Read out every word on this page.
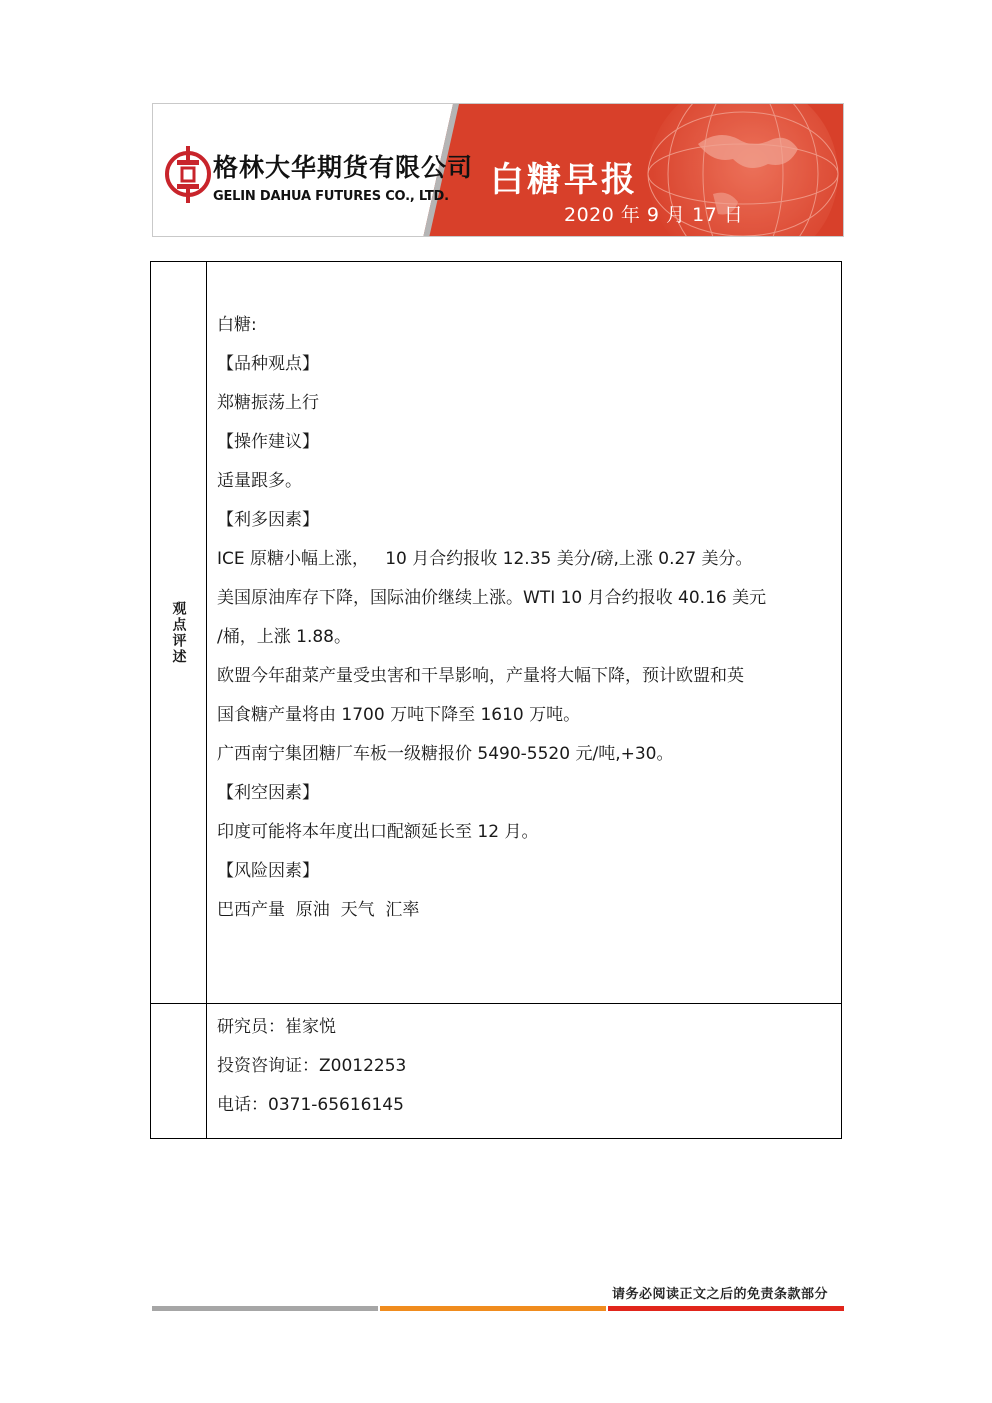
格林大华期货有限公司
GELIN DAHUA FUTURES CO., LTD. 白糖早报
2020 年 9 月 17 日
观点评述
白糖:
【品种观点】
郑糖振荡上行
【操作建议】
适量跟多。
【利多因素】
ICE 原糖小幅上涨，   10 月合约报收 12.35 美分/磅,上涨 0.27 美分。
美国原油库存下降，国际油价继续上涨。WTI 10 月合约报收 40.16 美元
/桶，上涨 1.88。
欧盟今年甜菜产量受虫害和干旱影响，产量将大幅下降，预计欧盟和英
国食糖产量将由 1700 万吨下降至 1610 万吨。
广西南宁集团糖厂车板一级糖报价 5490-5520 元/吨,+30。
【利空因素】
印度可能将本年度出口配额延长至 12 月。
【风险因素】
巴西产量  原油  天气  汇率
研究员：崔家悦
投资咨询证：Z0012253
电话：0371-65616145
请务必阅读正文之后的免责条款部分
